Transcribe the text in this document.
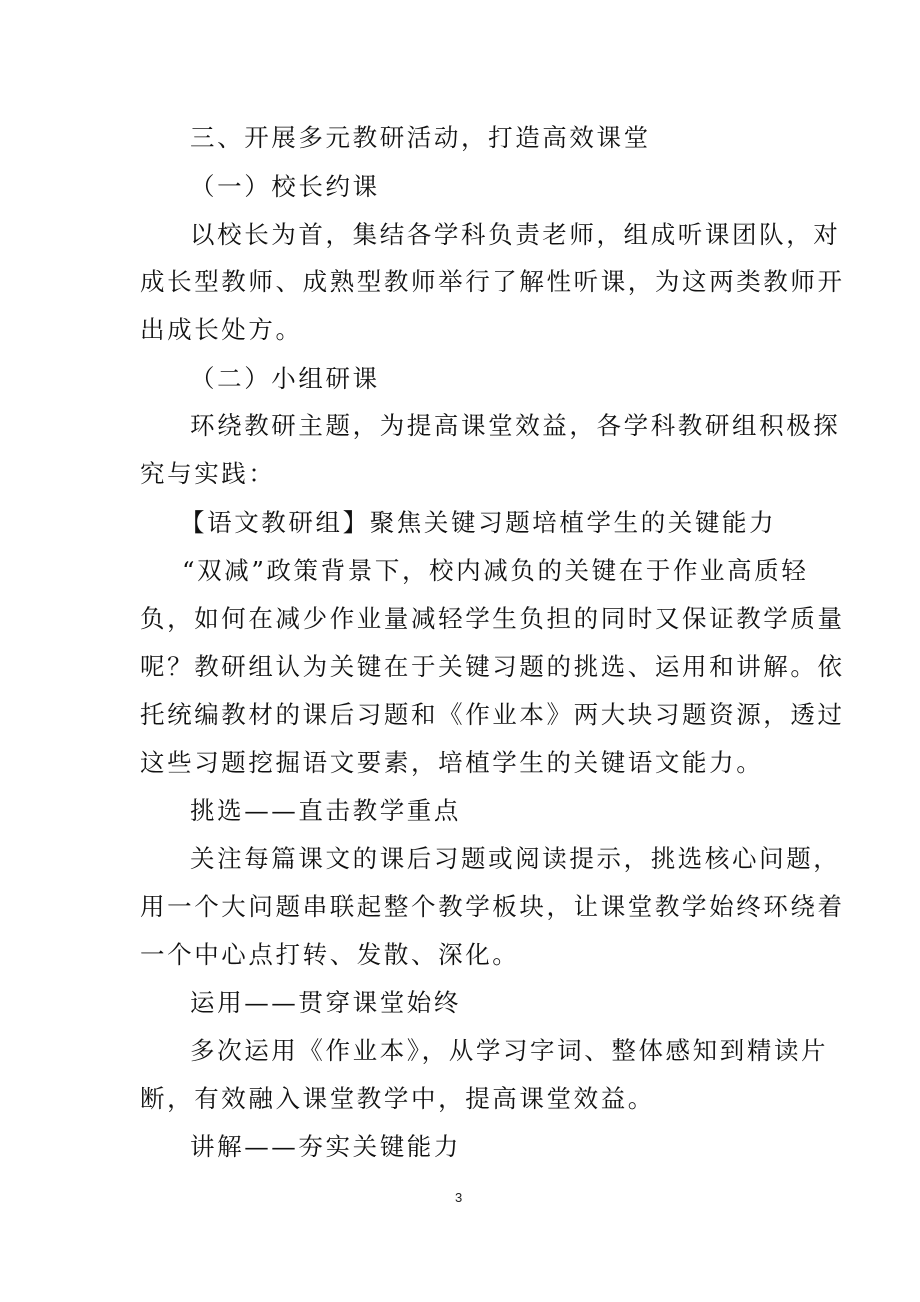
三、开展多元教研活动，打造高效课堂
（一）校长约课
以校长为首，集结各学科负责老师，组成听课团队，对
成长型教师、成熟型教师举行了解性听课，为这两类教师开
出成长处方。
（二）小组研课
环绕教研主题，为提高课堂效益，各学科教研组积极探
究与实践：
【语文教研组】聚焦关键习题培植学生的关键能力
“双减”政策背景下，校内减负的关键在于作业高质轻
负，如何在减少作业量减轻学生负担的同时又保证教学质量
呢？教研组认为关键在于关键习题的挑选、运用和讲解。依
托统编教材的课后习题和《作业本》两大块习题资源，透过
这些习题挖掘语文要素，培植学生的关键语文能力。
挑选——直击教学重点
关注每篇课文的课后习题或阅读提示，挑选核心问题，
用一个大问题串联起整个教学板块，让课堂教学始终环绕着
一个中心点打转、发散、深化。
运用——贯穿课堂始终
多次运用《作业本》，从学习字词、整体感知到精读片
断，有效融入课堂教学中，提高课堂效益。
讲解——夯实关键能力
3
